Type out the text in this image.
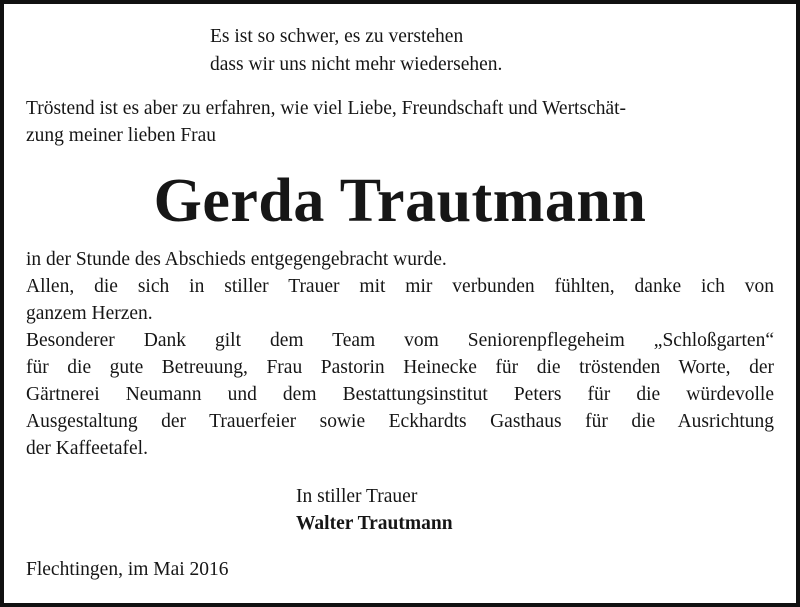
Es ist so schwer, es zu verstehen
dass wir uns nicht mehr wiedersehen.
Tröstend ist es aber zu erfahren, wie viel Liebe, Freundschaft und Wertschät-
zung meiner lieben Frau
Gerda Trautmann
in der Stunde des Abschieds entgegengebracht wurde.
Allen, die sich in stiller Trauer mit mir verbunden fühlten, danke ich von
ganzem Herzen.
Besonderer Dank gilt dem Team vom Seniorenpflegeheim „Schloßgarten“
für die gute Betreuung, Frau Pastorin Heinecke für die tröstenden Worte, der
Gärtnerei Neumann und dem Bestattungsinstitut Peters für die würdevolle
Ausgestaltung der Trauerfeier sowie Eckhardts Gasthaus für die Ausrichtung
der Kaffeetafel.
In stiller Trauer
Walter Trautmann
Flechtingen, im Mai 2016
